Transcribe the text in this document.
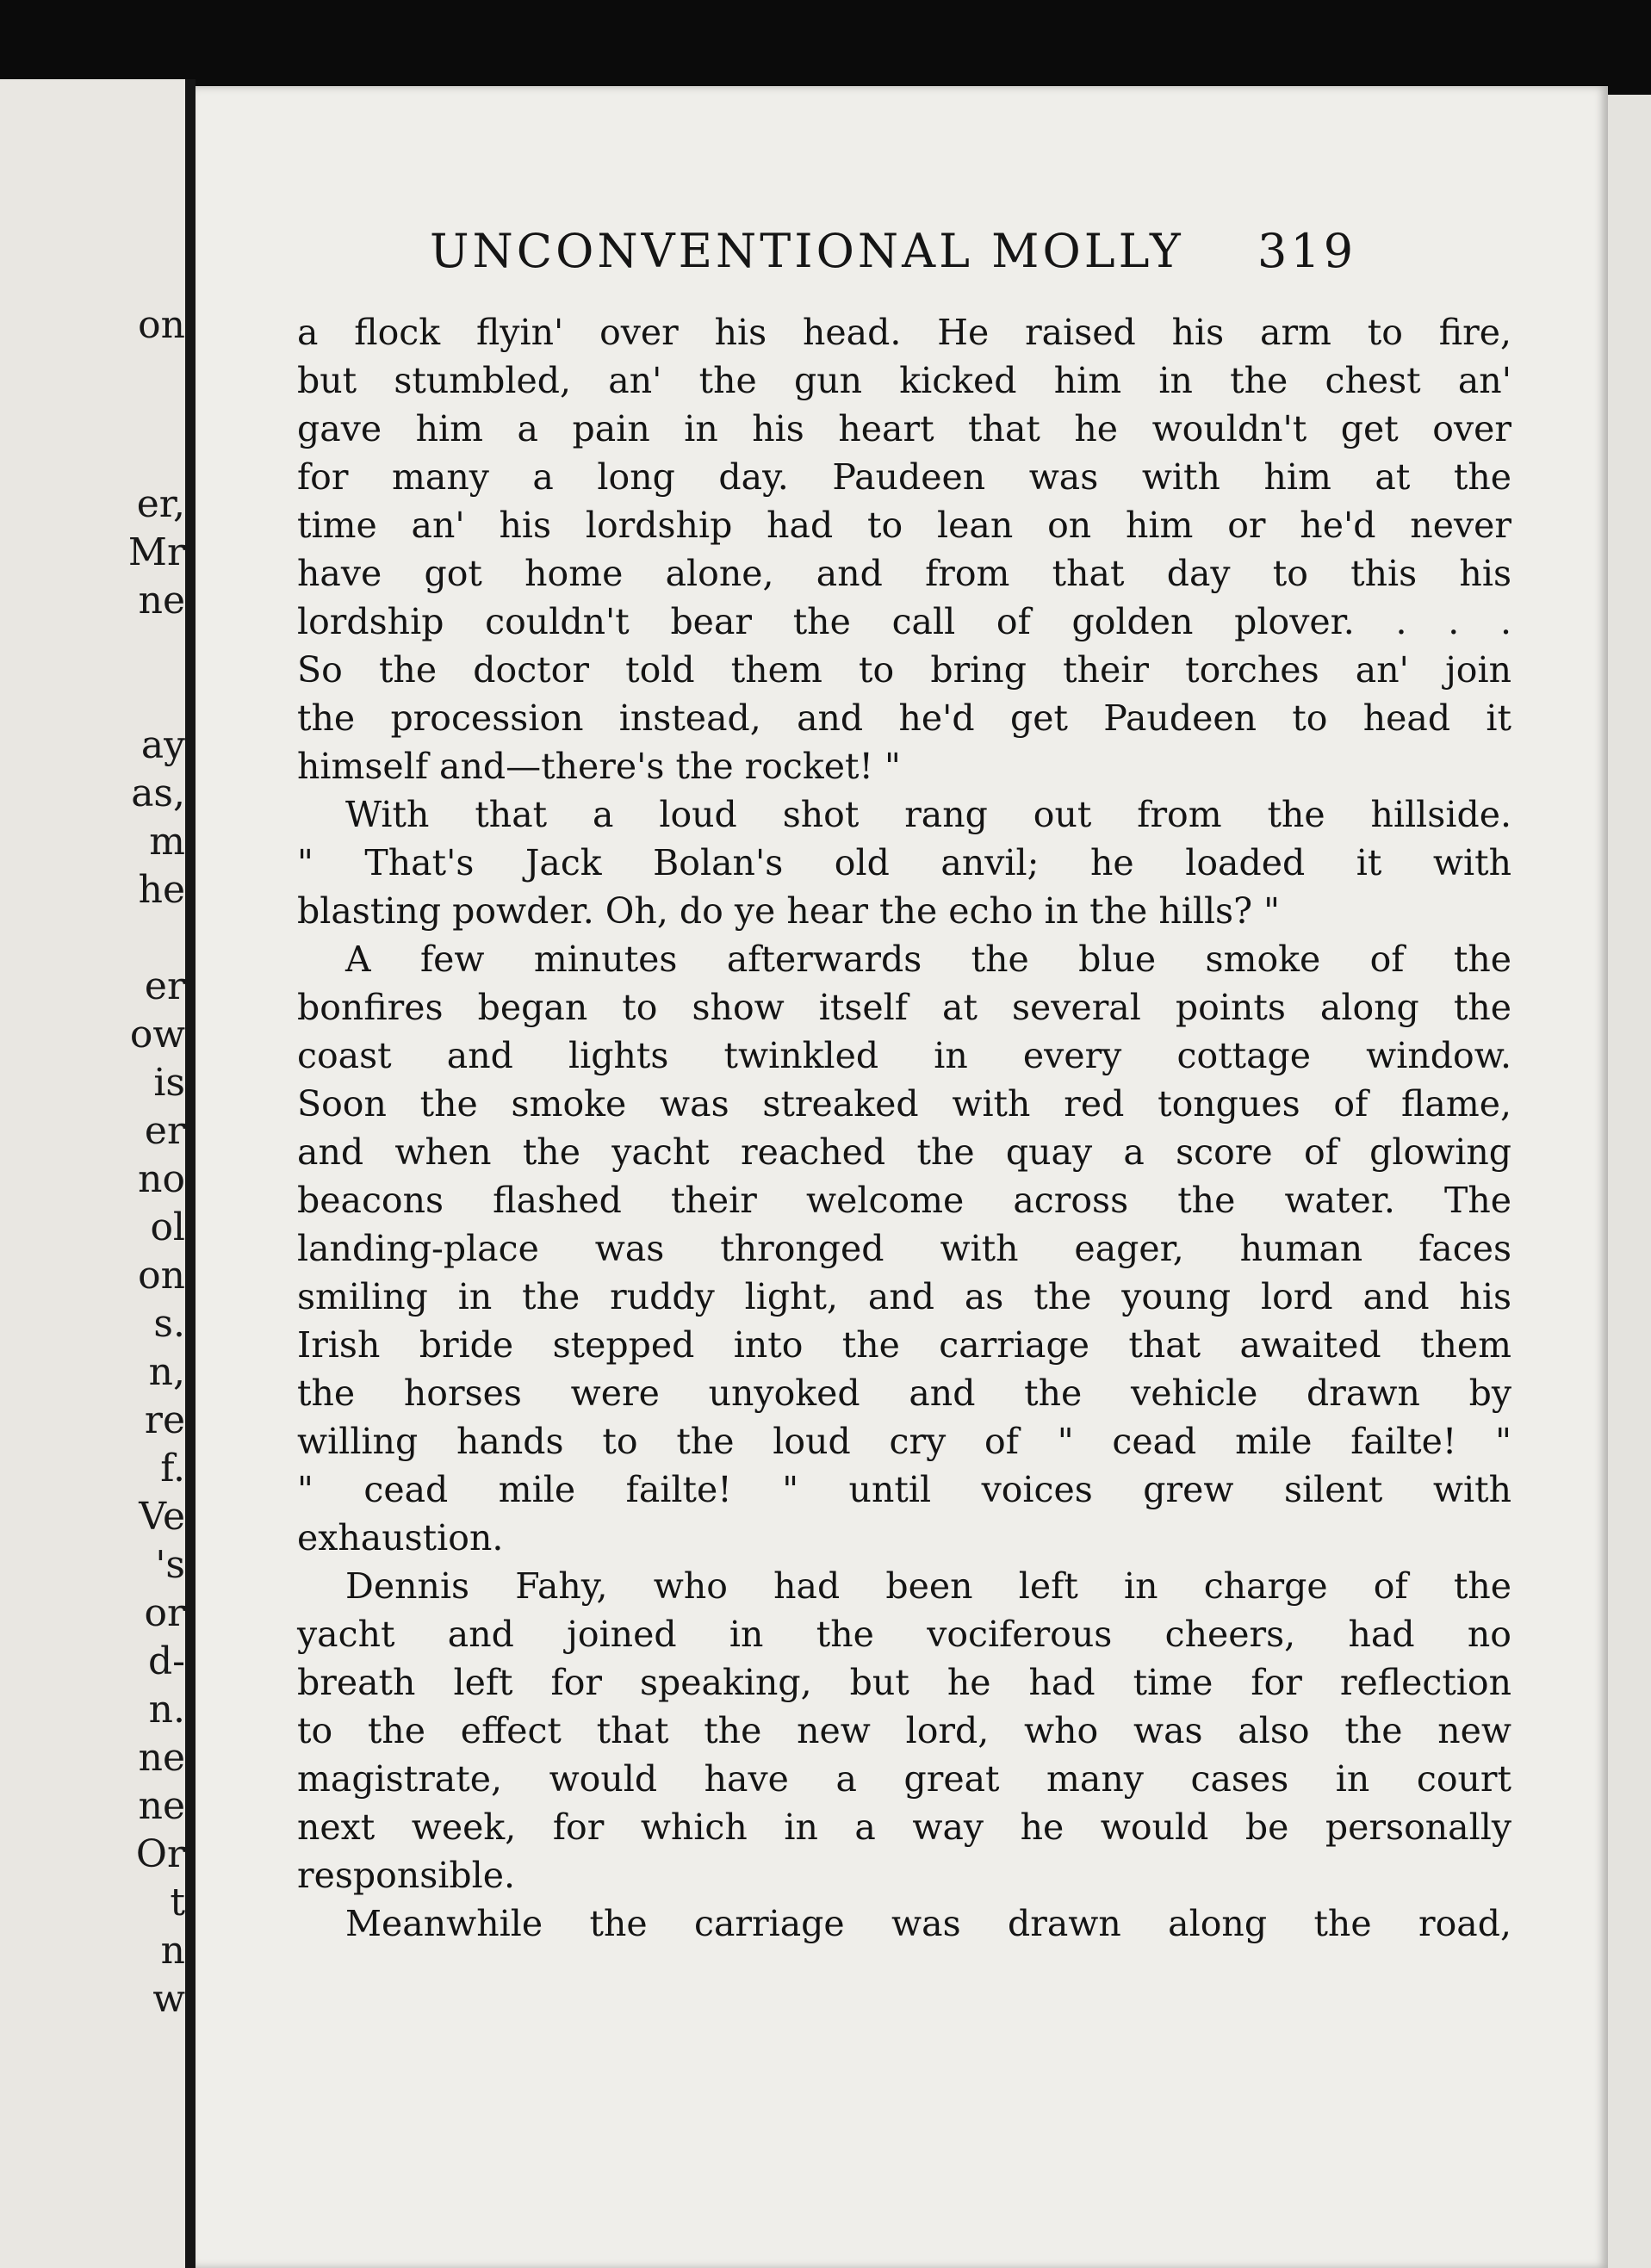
on
er,
Mr
ne
ay
as,
m
he
er
ow
is
er
no
ol
on
s.
n,
re
f.
Ve
's
or
d-
n.
ne
ne
Or
t
n
w
UNCONVENTIONAL MOLLY 319

a flock flyin' over his head. He raised his arm to fire,

but stumbled, an' the gun kicked him in the chest an'

gave him a pain in his heart that he wouldn't get over

for many a long day. Paudeen was with him at the

time an' his lordship had to lean on him or he'd never

have got home alone, and from that day to this his

lordship couldn't bear the call of golden plover. . . .

So the doctor told them to bring their torches an' join

the procession instead, and he'd get Paudeen to head it

himself and—there's the rocket! "

With that a loud shot rang out from the hillside.

" That's Jack Bolan's old anvil; he loaded it with

blasting powder. Oh, do ye hear the echo in the hills? "

A few minutes afterwards the blue smoke of the

bonfires began to show itself at several points along the

coast and lights twinkled in every cottage window.

Soon the smoke was streaked with red tongues of flame,

and when the yacht reached the quay a score of glowing

beacons flashed their welcome across the water. The

landing-place was thronged with eager, human faces

smiling in the ruddy light, and as the young lord and his

Irish bride stepped into the carriage that awaited them

the horses were unyoked and the vehicle drawn by

willing hands to the loud cry of " cead mile failte! "

" cead mile failte! " until voices grew silent with

exhaustion.

Dennis Fahy, who had been left in charge of the

yacht and joined in the vociferous cheers, had no

breath left for speaking, but he had time for reflection

to the effect that the new lord, who was also the new

magistrate, would have a great many cases in court

next week, for which in a way he would be personally

responsible.

Meanwhile the carriage was drawn along the road,
